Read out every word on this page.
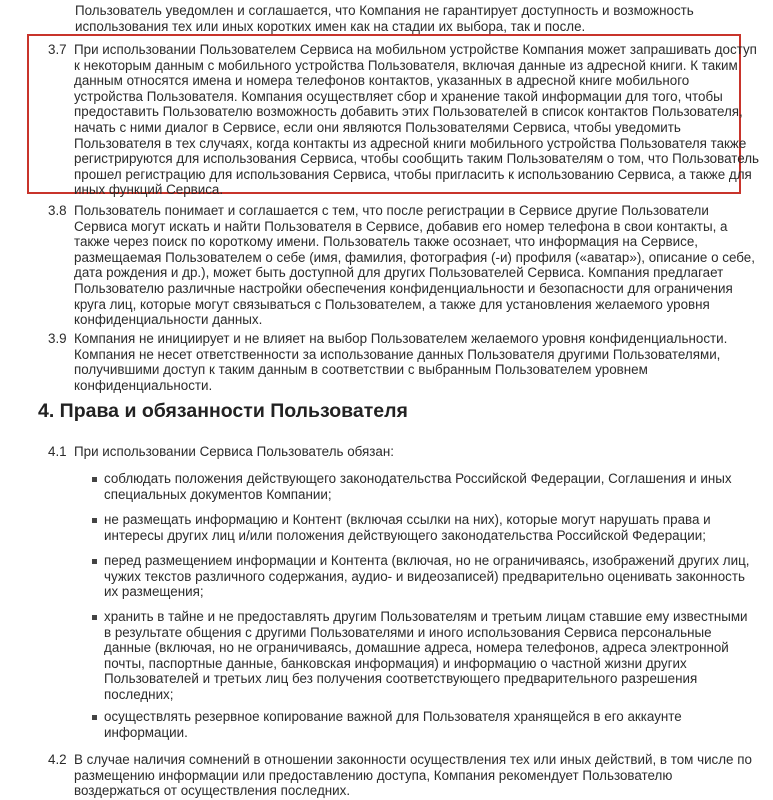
Пользователь уведомлен и соглашается, что Компания не гарантирует доступность и возможность
использования тех или иных коротких имен как на стадии их выбора, так и после.
3.7 При использовании Пользователем Сервиса на мобильном устройстве Компания может запрашивать доступ
к некоторым данным с мобильного устройства Пользователя, включая данные из адресной книги. К таким
данным относятся имена и номера телефонов контактов, указанных в адресной книге мобильного
устройства Пользователя. Компания осуществляет сбор и хранение такой информации для того, чтобы
предоставить Пользователю возможность добавить этих Пользователей в список контактов Пользователя,
начать с ними диалог в Сервисе, если они являются Пользователями Сервиса, чтобы уведомить
Пользователя в тех случаях, когда контакты из адресной книги мобильного устройства Пользователя также
регистрируются для использования Сервиса, чтобы сообщить таким Пользователям о том, что Пользователь
прошел регистрацию для использования Сервиса, чтобы пригласить к использованию Сервиса, а также для
иных функций Сервиса.
3.8 Пользователь понимает и соглашается с тем, что после регистрации в Сервисе другие Пользователи
Сервиса могут искать и найти Пользователя в Сервисе, добавив его номер телефона в свои контакты, а
также через поиск по короткому имени. Пользователь также осознает, что информация на Сервисе,
размещаемая Пользователем о себе (имя, фамилия, фотография (-и) профиля («аватар»), описание о себе,
дата рождения и др.), может быть доступной для других Пользователей Сервиса. Компания предлагает
Пользователю различные настройки обеспечения конфиденциальности и безопасности для ограничения
круга лиц, которые могут связываться с Пользователем, а также для установления желаемого уровня
конфиденциальности данных.
3.9 Компания не инициирует и не влияет на выбор Пользователем желаемого уровня конфиденциальности.
Компания не несет ответственности за использование данных Пользователя другими Пользователями,
получившими доступ к таким данным в соответствии с выбранным Пользователем уровнем
конфиденциальности.
4. Права и обязанности Пользователя
4.1 При использовании Сервиса Пользователь обязан:
соблюдать положения действующего законодательства Российской Федерации, Соглашения и иных
специальных документов Компании;
не размещать информацию и Контент (включая ссылки на них), которые могут нарушать права и
интересы других лиц и/или положения действующего законодательства Российской Федерации;
перед размещением информации и Контента (включая, но не ограничиваясь, изображений других лиц,
чужих текстов различного содержания, аудио- и видеозаписей) предварительно оценивать законность
их размещения;
хранить в тайне и не предоставлять другим Пользователям и третьим лицам ставшие ему известными
в результате общения с другими Пользователями и иного использования Сервиса персональные
данные (включая, но не ограничиваясь, домашние адреса, номера телефонов, адреса электронной
почты, паспортные данные, банковская информация) и информацию о частной жизни других
Пользователей и третьих лиц без получения соответствующего предварительного разрешения
последних;
осуществлять резервное копирование важной для Пользователя хранящейся в его аккаунте
информации.
4.2 В случае наличия сомнений в отношении законности осуществления тех или иных действий, в том числе по
размещению информации или предоставлению доступа, Компания рекомендует Пользователю
воздержаться от осуществления последних.
